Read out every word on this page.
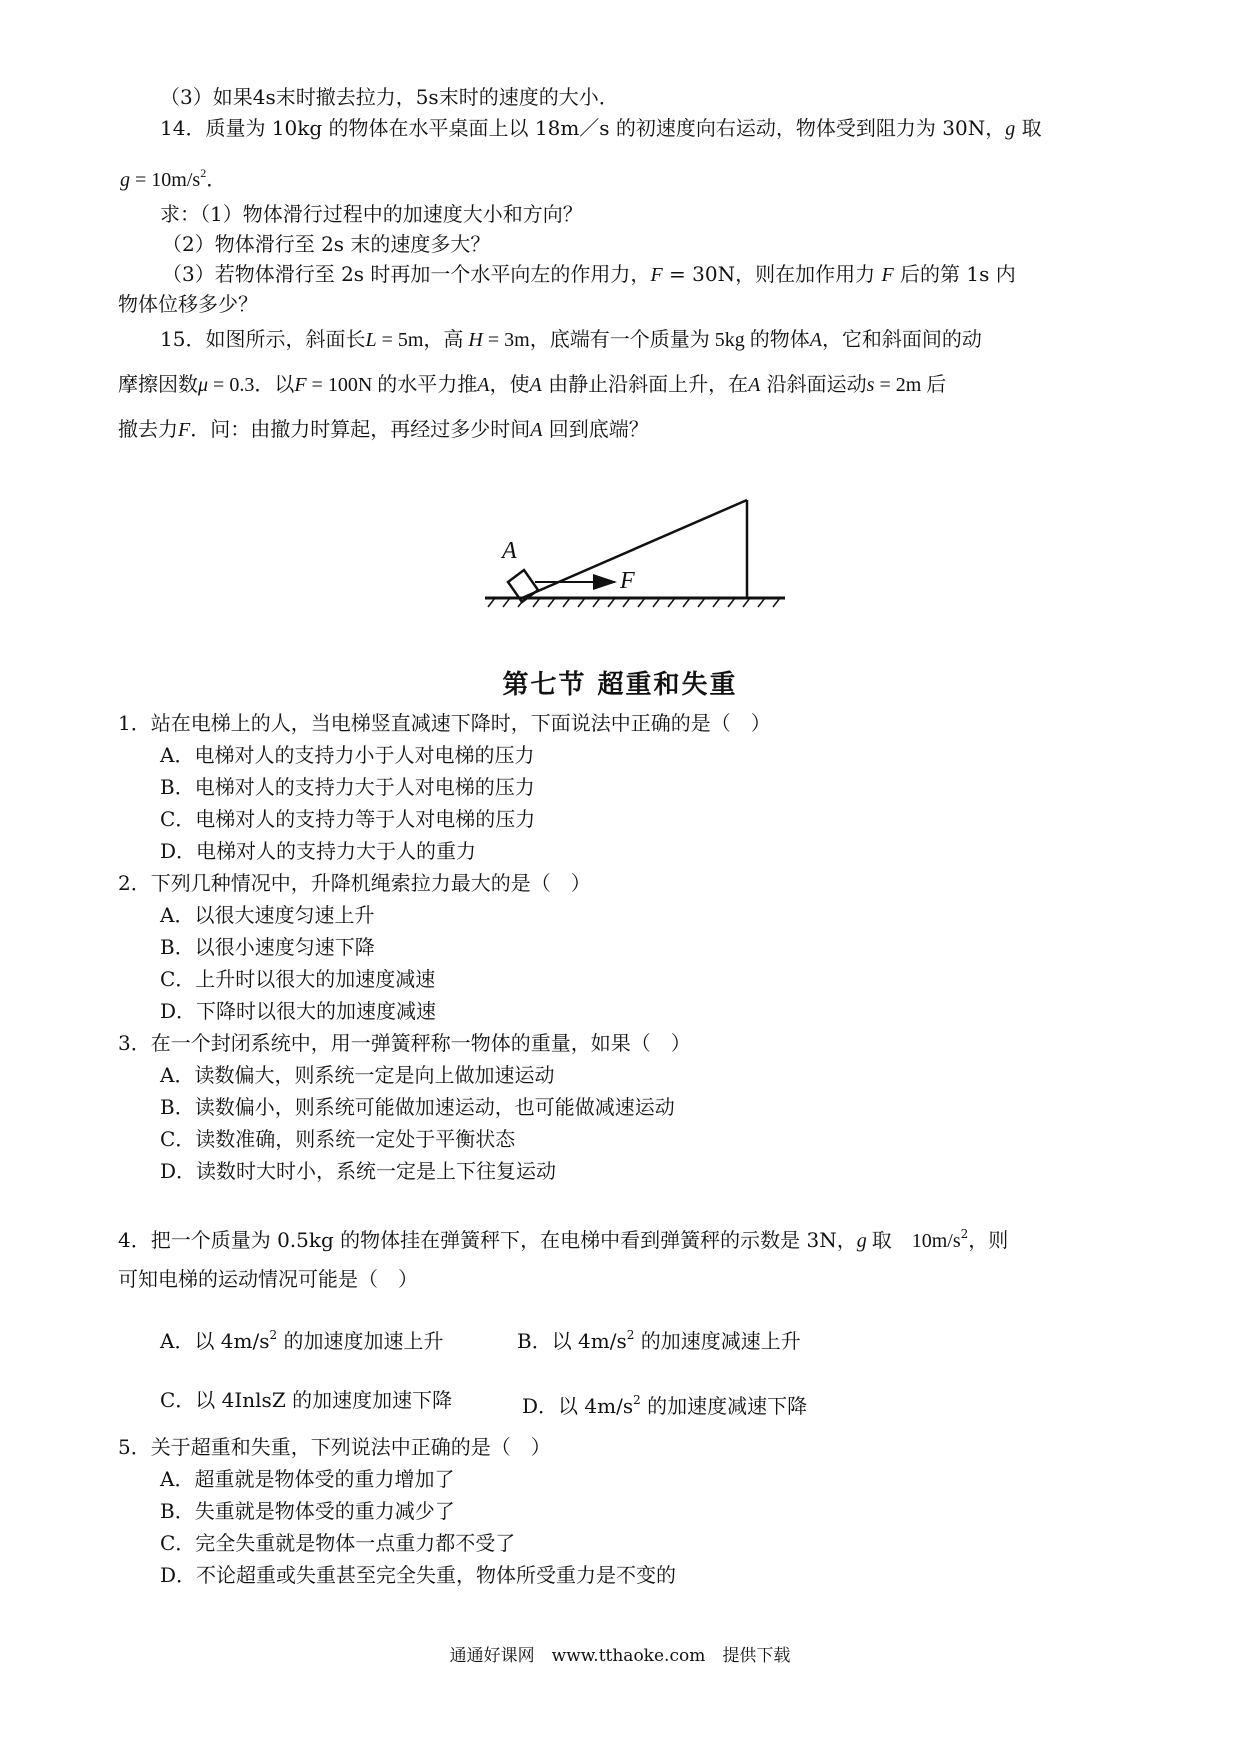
（3）如果4s末时撤去拉力，5s末时的速度的大小．
14．质量为 10kg 的物体在水平桌面上以 18m／s 的初速度向右运动，物体受到阻力为 30N，g 取
$g = 10m/s^2$．
求：（1）物体滑行过程中的加速度大小和方向？
（2）物体滑行至 2s 末的速度多大？
（3）若物体滑行至 2s 时再加一个水平向左的作用力，F = 30N，则在加作用力 F 后的第 1s 内
物体位移多少？
15．如图所示，斜面长L = 5m，高 H = 3m，底端有一个质量为 5kg 的物体A，它和斜面间的动
摩擦因数μ = 0.3．以F = 100N 的水平力推A，使A 由静止沿斜面上升，在A 沿斜面运动s = 2m 后
撤去力F．问：由撤力时算起，再经过多少时间A 回到底端？
A
F
第七节 超重和失重
1．站在电梯上的人，当电梯竖直减速下降时，下面说法中正确的是（　）
A．电梯对人的支持力小于人对电梯的压力
B．电梯对人的支持力大于人对电梯的压力
C．电梯对人的支持力等于人对电梯的压力
D．电梯对人的支持力大于人的重力
2．下列几种情况中，升降机绳索拉力最大的是（　）
A．以很大速度匀速上升
B．以很小速度匀速下降
C．上升时以很大的加速度减速
D．下降时以很大的加速度减速
3．在一个封闭系统中，用一弹簧秤称一物体的重量，如果（　）
A．读数偏大，则系统一定是向上做加速运动
B．读数偏小，则系统可能做加速运动，也可能做减速运动
C．读数准确，则系统一定处于平衡状态
D．读数时大时小，系统一定是上下往复运动
4．把一个质量为 0.5kg 的物体挂在弹簧秤下，在电梯中看到弹簧秤的示数是 3N，g 取　$10m/s^2$，则
可知电梯的运动情况可能是（　）
A．以 $4m/s^2$ 的加速度加速上升	B．以 $4m/s^2$ 的加速度减速上升
C．以 4InlsZ 的加速度加速下降	D．以 $4m/s^2$ 的加速度减速下降
5．关于超重和失重，下列说法中正确的是（　）
A．超重就是物体受的重力增加了
B．失重就是物体受的重力减少了
C．完全失重就是物体一点重力都不受了
D．不论超重或失重甚至完全失重，物体所受重力是不变的
通通好课网　www.tthaoke.com　提供下载
